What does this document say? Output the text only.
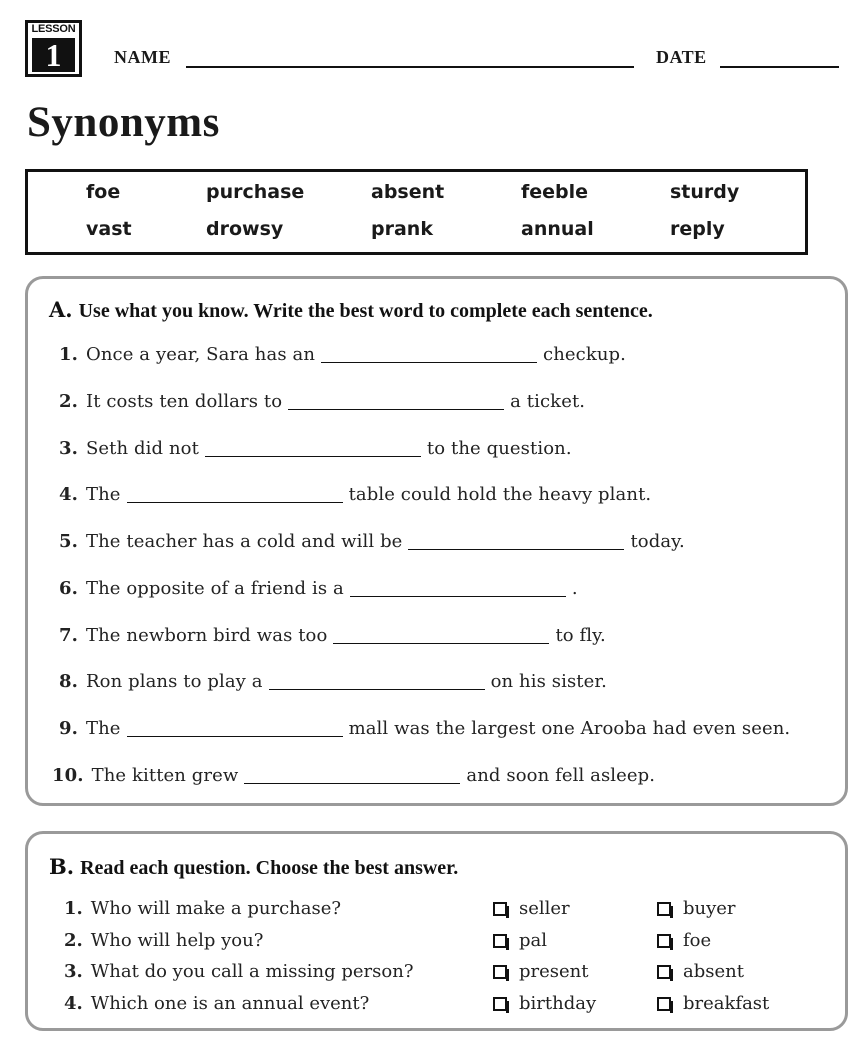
LESSON
1	NAME	DATE
Synonyms
foe	purchase	absent	feeble	sturdy
vast	drowsy	prank	annual	reply
A. Use what you know. Write the best word to complete each sentence.
1. Once a year, Sara has an	checkup.
2. It costs ten dollars to	a ticket.
3. Seth did not	to the question.
4. The	table could hold the heavy plant.
5. The teacher has a cold and will be	today.
6. The opposite of a friend is a	.
7. The newborn bird was too	to fly.
8. Ron plans to play a	on his sister.
9. The	mall was the largest one Arooba had even seen.
10. The kitten grew	and soon fell asleep.
B. Read each question. Choose the best answer.
1. Who will make a purchase?	seller	buyer
2. Who will help you?	pal	foe
3. What do you call a missing person?	present	absent
4. Which one is an annual event?	birthday	breakfast
